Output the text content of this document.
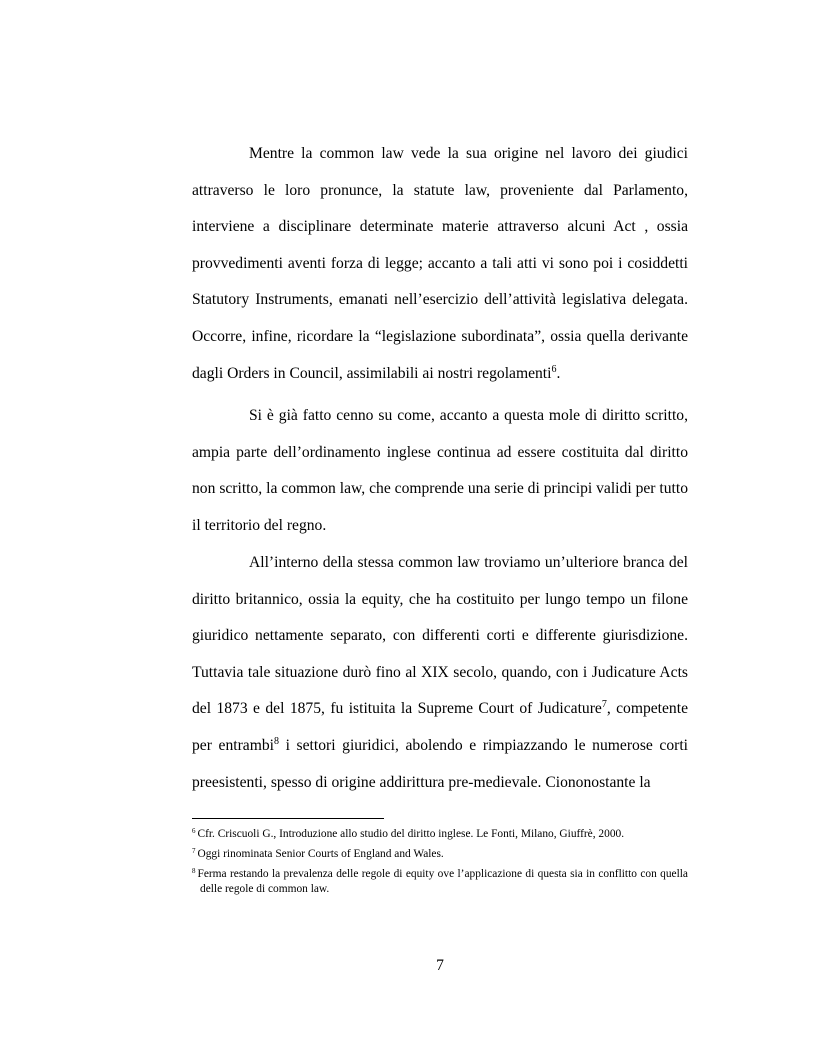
Mentre la common law vede la sua origine nel lavoro dei giudici attraverso le loro pronunce, la statute law, proveniente dal Parlamento, interviene a disciplinare determinate materie attraverso alcuni Act , ossia provvedimenti aventi forza di legge; accanto a tali atti vi sono poi i cosiddetti Statutory Instruments, emanati nell’esercizio dell’attività legislativa delegata. Occorre, infine, ricordare la “legislazione subordinata”, ossia quella derivante dagli Orders in Council, assimilabili ai nostri regolamenti$^6$.

Si è già fatto cenno su come, accanto a questa mole di diritto scritto, ampia parte dell’ordinamento inglese continua ad essere costituita dal diritto non scritto, la common law, che comprende una serie di principi validi per tutto il territorio del regno.

All’interno della stessa common law troviamo un’ulteriore branca del diritto britannico, ossia la equity, che ha costituito per lungo tempo un filone giuridico nettamente separato, con differenti corti e differente giurisdizione. Tuttavia tale situazione durò fino al XIX secolo, quando, con i Judicature Acts del 1873 e del 1875, fu istituita la Supreme Court of Judicature$^7$, competente per entrambi$^8$ i settori giuridici, abolendo e rimpiazzando le numerose corti preesistenti, spesso di origine addirittura pre-medievale. Ciononostante la

$^6$ Cfr. Criscuoli G., Introduzione allo studio del diritto inglese. Le Fonti, Milano, Giuffrè, 2000.

$^7$ Oggi rinominata Senior Courts of England and Wales.

$^8$ Ferma restando la prevalenza delle regole di equity ove l’applicazione di questa sia in conflitto con quella delle regole di common law.

7
